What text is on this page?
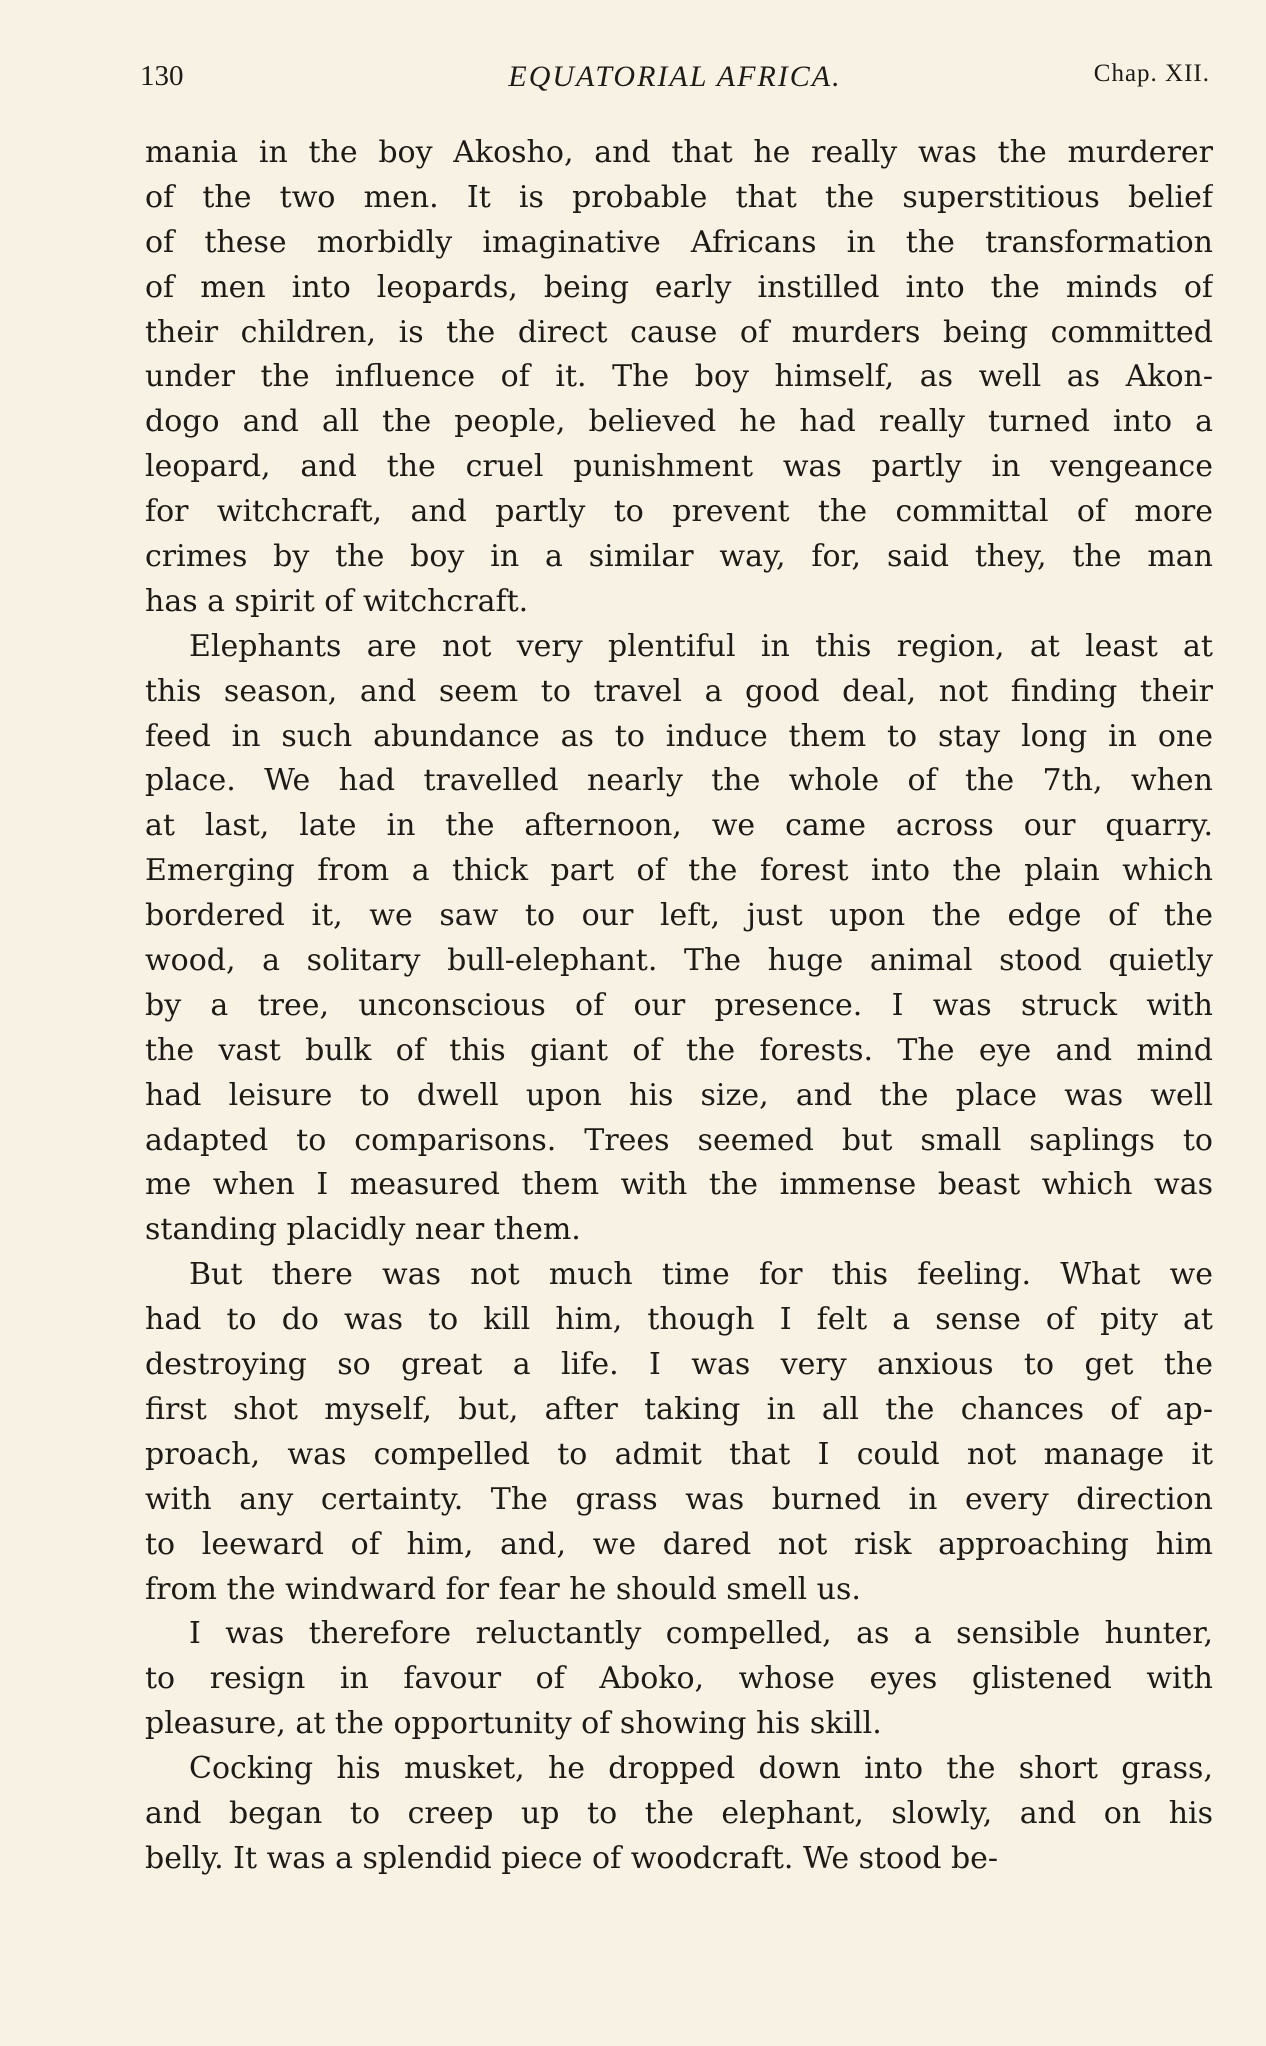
130	EQUATORIAL AFRICA.	Chap. XII.
mania in the boy Akosho, and that he really was the murderer
of the two men. It is probable that the superstitious belief
of these morbidly imaginative Africans in the transformation
of men into leopards, being early instilled into the minds of
their children, is the direct cause of murders being committed
under the influence of it. The boy himself, as well as Akon-
dogo and all the people, believed he had really turned into a
leopard, and the cruel punishment was partly in vengeance
for witchcraft, and partly to prevent the committal of more
crimes by the boy in a similar way, for, said they, the man
has a spirit of witchcraft.
Elephants are not very plentiful in this region, at least at
this season, and seem to travel a good deal, not finding their
feed in such abundance as to induce them to stay long in one
place. We had travelled nearly the whole of the 7th, when
at last, late in the afternoon, we came across our quarry.
Emerging from a thick part of the forest into the plain which
bordered it, we saw to our left, just upon the edge of the
wood, a solitary bull-elephant. The huge animal stood quietly
by a tree, unconscious of our presence. I was struck with
the vast bulk of this giant of the forests. The eye and mind
had leisure to dwell upon his size, and the place was well
adapted to comparisons. Trees seemed but small saplings to
me when I measured them with the immense beast which was
standing placidly near them.
But there was not much time for this feeling. What we
had to do was to kill him, though I felt a sense of pity at
destroying so great a life. I was very anxious to get the
first shot myself, but, after taking in all the chances of ap-
proach, was compelled to admit that I could not manage it
with any certainty. The grass was burned in every direction
to leeward of him, and, we dared not risk approaching him
from the windward for fear he should smell us.
I was therefore reluctantly compelled, as a sensible hunter,
to resign in favour of Aboko, whose eyes glistened with
pleasure, at the opportunity of showing his skill.
Cocking his musket, he dropped down into the short grass,
and began to creep up to the elephant, slowly, and on his
belly. It was a splendid piece of woodcraft. We stood be-
